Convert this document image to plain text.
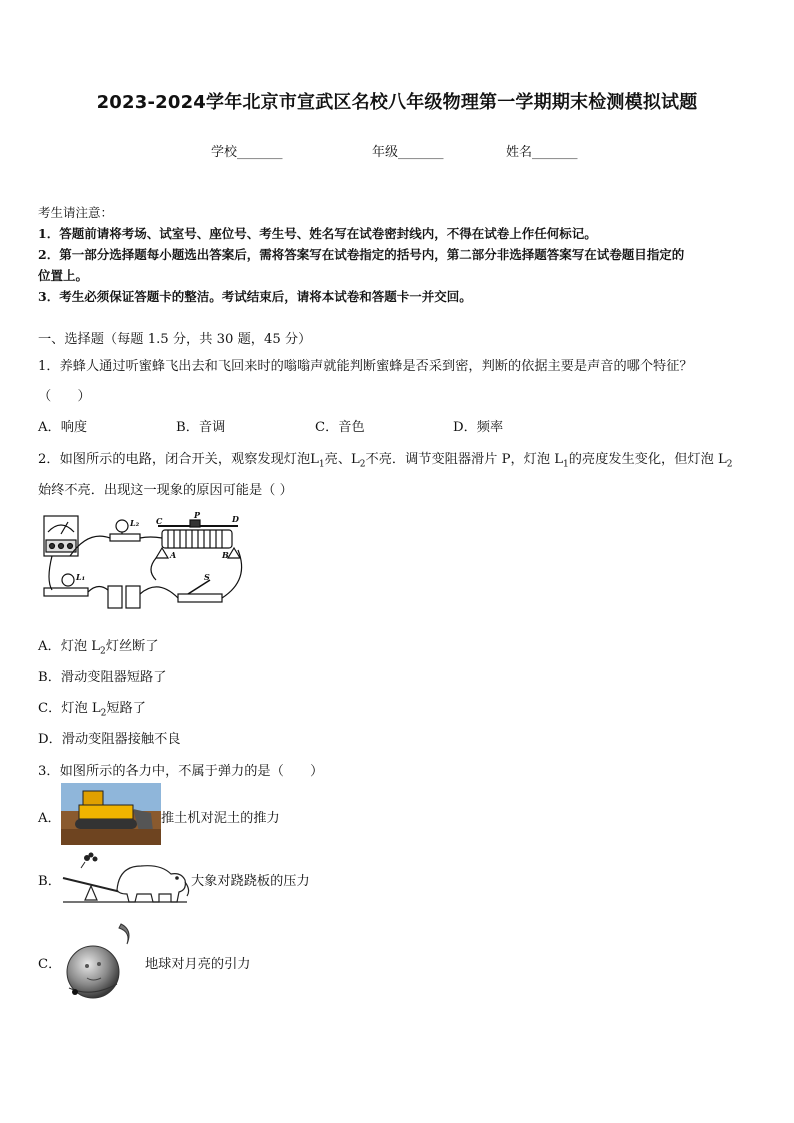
2023-2024学年北京市宣武区名校八年级物理第一学期期末检测模拟试题
学校_______	年级_______	姓名_______
考生请注意：
1．答题前请将考场、试室号、座位号、考生号、姓名写在试卷密封线内，不得在试卷上作任何标记。
2．第一部分选择题每小题选出答案后，需将答案写在试卷指定的括号内，第二部分非选择题答案写在试卷题目指定的
位置上。
3．考生必须保证答题卡的整洁。考试结束后，请将本试卷和答题卡一并交回。
一、选择题（每题 1.5 分，共 30 题，45 分）
1．养蜂人通过听蜜蜂飞出去和飞回来时的嗡嗡声就能判断蜜蜂是否采到密，判断的依据主要是声音的哪个特征？
（　　）
A．响度	B．音调	C．音色	D．频率
2．如图所示的电路，闭合开关，观察发现灯泡$L_1$亮、$L_2$不亮．调节变阻器滑片 P，灯泡 $L_1$的亮度发生变化，但灯泡 $L_2$
始终不亮．出现这一现象的原因可能是（ ）
C
P	D
A	B
S
L₁
L₂
A．灯泡 $L_2$灯丝断了
B．滑动变阻器短路了
C．灯泡 $L_2$短路了
D．滑动变阻器接触不良
3．如图所示的各力中，不属于弹力的是（　　）
A．	推土机对泥土的推力
B．	大象对跷跷板的压力
C．	地球对月亮的引力
